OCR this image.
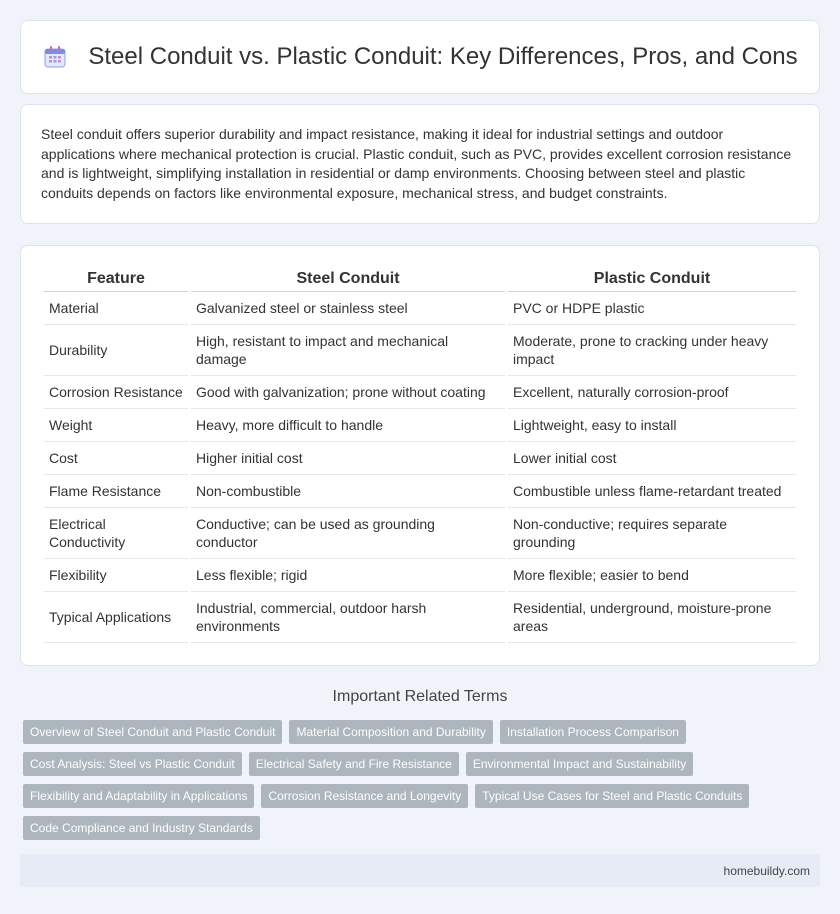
Steel Conduit vs. Plastic Conduit: Key Differences, Pros, and Cons

Steel conduit offers superior durability and impact resistance, making it ideal for industrial settings and outdoor applications where mechanical protection is crucial. Plastic conduit, such as PVC, provides excellent corrosion resistance and is lightweight, simplifying installation in residential or damp environments. Choosing between steel and plastic conduits depends on factors like environmental exposure, mechanical stress, and budget constraints.

Feature	Steel Conduit	Plastic Conduit
Material	Galvanized steel or stainless steel	PVC or HDPE plastic
Durability	High, resistant to impact and mechanical damage	Moderate, prone to cracking under heavy impact
Corrosion Resistance	Good with galvanization; prone without coating	Excellent, naturally corrosion-proof
Weight	Heavy, more difficult to handle	Lightweight, easy to install
Cost	Higher initial cost	Lower initial cost
Flame Resistance	Non-combustible	Combustible unless flame-retardant treated
Electrical Conductivity	Conductive; can be used as grounding conductor	Non-conductive; requires separate grounding
Flexibility	Less flexible; rigid	More flexible; easier to bend
Typical Applications	Industrial, commercial, outdoor harsh environments	Residential, underground, moisture-prone areas
Important Related Terms
Overview of Steel Conduit and Plastic Conduit	Material Composition and Durability	Installation Process Comparison
Cost Analysis: Steel vs Plastic Conduit	Electrical Safety and Fire Resistance	Environmental Impact and Sustainability
Flexibility and Adaptability in Applications	Corrosion Resistance and Longevity	Typical Use Cases for Steel and Plastic Conduits
Code Compliance and Industry Standards
homebuildy.com
